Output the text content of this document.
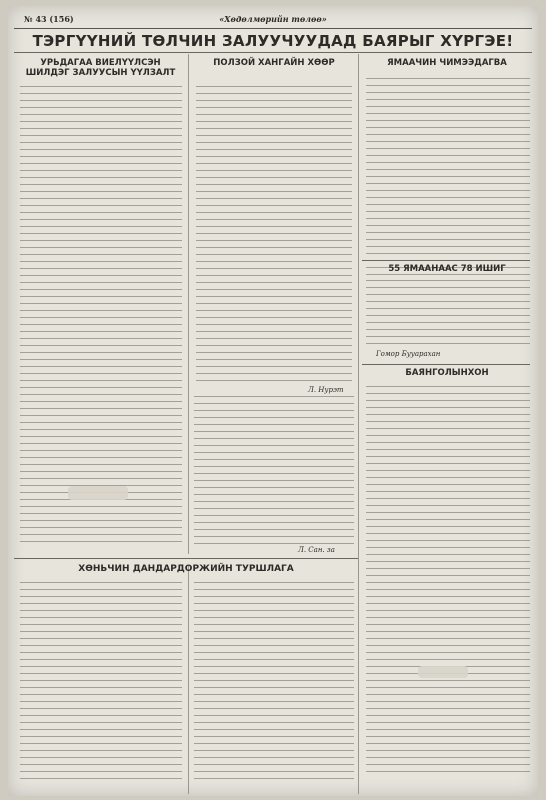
№ 43 (156)	«Хөдөлмөрийн төлөө»
ТЭРГҮҮНИЙ ТӨЛЧИН ЗАЛУУЧУУДАД БАЯРЫГ ХҮРГЭЕ!
УРЬДАГАА ВИЕЛҮҮЛСЭН ШИЛДЭГ ЗАЛУУСЫН ҮҮЛЗАЛТ
Л. Сан. за
ПОЛЗОЙ ХАНГАЙН ХӨӨР
Л. Нурэт
ЯМААЧИН ЧИМЭЭДАГВА
55 ЯМААНААС 78 ИШИГ
Гомор Бууарахан
БАЯНГОЛЫНХОН
ХӨНЬЧИН ДАНДАРДОРЖИЙН ТУРШЛАГА
